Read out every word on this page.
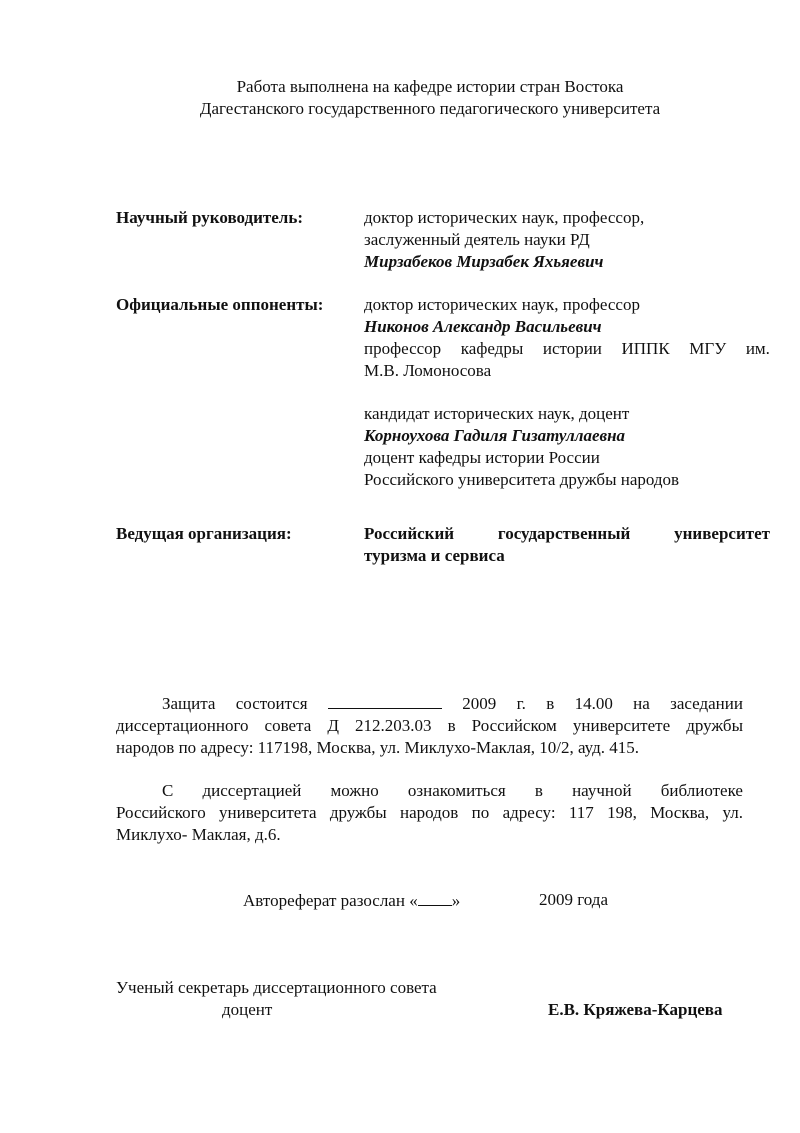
Работа выполнена на кафедре истории стран Востока
Дагестанского государственного педагогического университета
Научный руководитель:	доктор исторических наук, профессор,
заслуженный деятель науки РД
Мирзабеков Мирзабек Яхьяевич
Официальные оппоненты: доктор исторических наук, профессор
Никонов Александр Васильевич
профессор кафедры истории ИППК МГУ им.
М.В. Ломоносова
кандидат исторических наук, доцент
Корноухова Гадиля Гизатуллаевна
доцент кафедры истории России
Российского университета дружбы народов
Ведущая организация:	Российский	государственный	университет
туризма и сервиса
Защита состоится	2009 г. в 14.00 на заседании
диссертационного совета Д 212.203.03 в Российском университете дружбы
народов по адресу: 117198, Москва, ул. Миклухо-Маклая, 10/2, ауд. 415.
С диссертацией можно ознакомиться в научной библиотеке
Российского университета дружбы народов по адресу: 117 198, Москва, ул.
Миклухо- Маклая, д.6.
Автореферат разослан « »	2009 года
Ученый секретарь диссертационного совета
доцент	Е.В. Кряжева-Карцева
